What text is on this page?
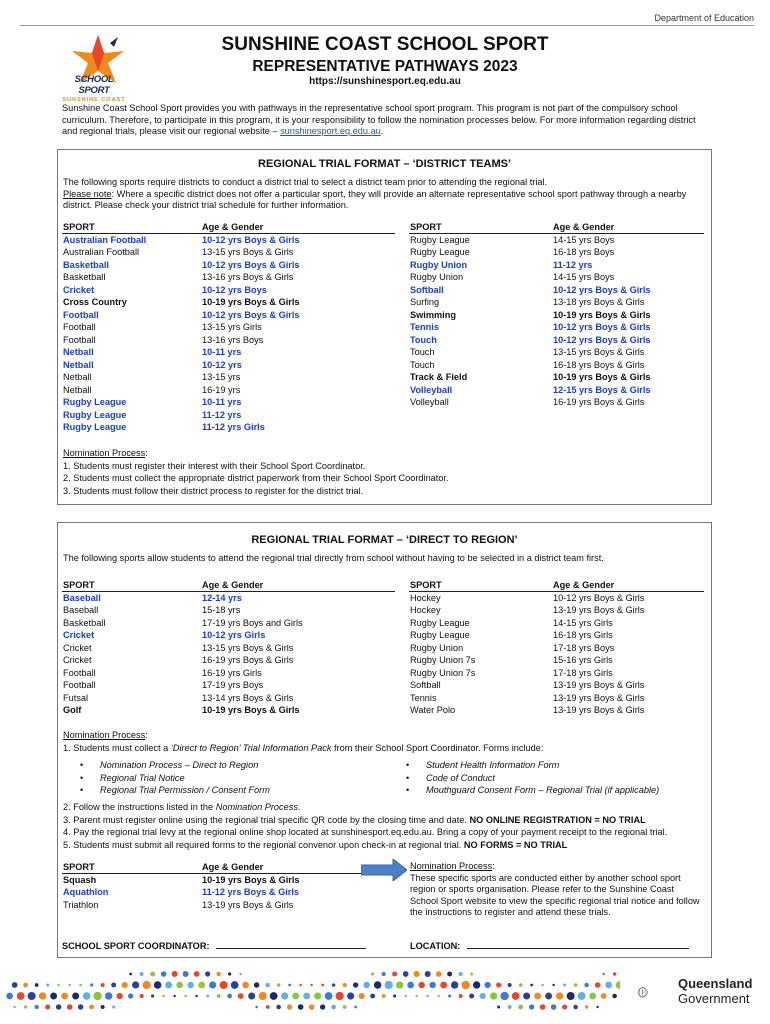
Department of Education
SCHOOL SPORT
SUNSHINE COAST
SUNSHINE COAST SCHOOL SPORT
REPRESENTATIVE PATHWAYS 2023
https://sunshinesport.eq.edu.au
Sunshine Coast School Sport provides you with pathways in the representative school sport program. This program is not part of the compulsory school curriculum. Therefore, to participate in this program, it is your responsibility to follow the nomination processes below. For more information regarding district and regional trials, please visit our regional website – sunshinesport.eq.edu.au.
REGIONAL TRIAL FORMAT – ‘DISTRICT TEAMS’
The following sports require districts to conduct a district trial to select a district team prior to attending the regional trial.
Please note: Where a specific district does not offer a particular sport, they will provide an alternate representative school sport pathway through a nearby district. Please check your district trial schedule for further information.
SPORT
Australian Football
Australian Football
Basketball
Basketball
Cricket
Cross Country
Football
Football
Football
Netball
Netball
Netball
Netball
Rugby League
Rugby League
Rugby League
Age & Gender
10-12 yrs Boys & Girls
13-15 yrs Boys & Girls
10-12 yrs Boys & Girls
13-16 yrs Boys & Girls
10-12 yrs Boys
10-19 yrs Boys & Girls
10-12 yrs Boys & Girls
13-15 yrs Girls
13-16 yrs Boys
10-11 yrs
10-12 yrs
13-15 yrs
16-19 yrs
10-11 yrs
11-12 yrs
11-12 yrs Girls
SPORT
Rugby League
Rugby League
Rugby Union
Rugby Union
Softball
Surfing
Swimming
Tennis
Touch
Touch
Touch
Track & Field
Volleyball
Volleyball
Age & Gender
14-15 yrs Boys
16-18 yrs Boys
11-12 yrs
14-15 yrs Boys
10-12 yrs Boys & Girls
13-18 yrs Boys & Girls
10-19 yrs Boys & Girls
10-12 yrs Boys & Girls
10-12 yrs Boys & Girls
13-15 yrs Boys & Girls
16-18 yrs Boys & Girls
10-19 yrs Boys & Girls
12-15 yrs Boys & Girls
16-19 yrs Boys & Girls
Nomination Process:
1. Students must register their interest with their School Sport Coordinator.
2. Students must collect the appropriate district paperwork from their School Sport Coordinator.
3. Students must follow their district process to register for the district trial.
REGIONAL TRIAL FORMAT – ‘DIRECT TO REGION’
The following sports allow students to attend the regional trial directly from school without having to be selected in a district team first.
SPORT
Baseball
Baseball
Basketball
Cricket
Cricket
Cricket
Football
Football
Futsal
Golf
Age & Gender
12-14 yrs
15-18 yrs
17-19 yrs Boys and Girls
10-12 yrs Girls
13-15 yrs Boys & Girls
16-19 yrs Boys & Girls
16-19 yrs Girls
17-19 yrs Boys
13-14 yrs Boys & Girls
10-19 yrs Boys & Girls
SPORT
Hockey
Hockey
Rugby League
Rugby League
Rugby Union
Rugby Union 7s
Rugby Union 7s
Softball
Tennis
Water Polo
Age & Gender
10-12 yrs Boys & Girls
13-19 yrs Boys & Girls
14-15 yrs Girls
16-18 yrs Girls
17-18 yrs Boys
15-16 yrs Girls
17-18 yrs Girls
13-19 yrs Boys & Girls
13-19 yrs Boys & Girls
13-19 yrs Boys & Girls
Nomination Process:
1. Students must collect a ‘Direct to Region’ Trial Information Pack from their School Sport Coordinator. Forms include:
• Nomination Process – Direct to Region
• Regional Trial Notice
• Regional Trial Permission / Consent Form
• Student Health Information Form
• Code of Conduct
• Mouthguard Consent Form – Regional Trial (if applicable)
2. Follow the instructions listed in the Nomination Process.
3. Parent must register online using the regional trial specific QR code by the closing time and date. NO ONLINE REGISTRATION = NO TRIAL
4. Pay the regional trial levy at the regional online shop located at sunshinesport.eq.edu.au. Bring a copy of your payment receipt to the regional trial.
5. Students must submit all required forms to the regional convenor upon check-in at regional trial. NO FORMS = NO TRIAL
SPORT
Squash
Aquathlon
Triathlon
Age & Gender
10-19 yrs Boys & Girls
11-12 yrs Boys & Girls
13-19 yrs Boys & Girls
Nomination Process:
These specific sports are conducted either by another school sport region or sports organisation. Please refer to the Sunshine Coast School Sport website to view the specific regional trial notice and follow the instructions to register and attend these trials.
SCHOOL SPORT COORDINATOR:	LOCATION:
Queensland
Government
